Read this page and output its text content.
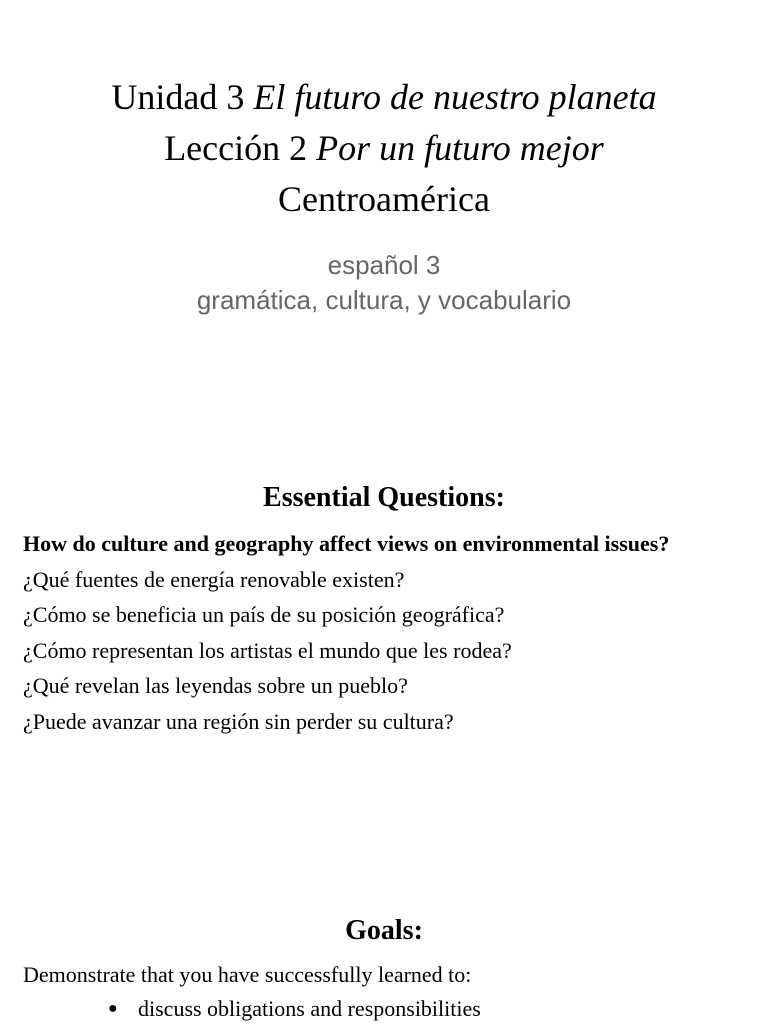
Unidad 3 El futuro de nuestro planeta
Lección 2 Por un futuro mejor
Centroamérica
español 3
gramática, cultura, y vocabulario
Essential Questions:
How do culture and geography affect views on environmental issues?
¿Qué fuentes de energía renovable existen?
¿Cómo se beneficia un país de su posición geográfica?
¿Cómo representan los artistas el mundo que les rodea?
¿Qué revelan las leyendas sobre un pueblo?
¿Puede avanzar una región sin perder su cultura?
Goals:
Demonstrate that you have successfully learned to:
● discuss obligations and responsibilities
